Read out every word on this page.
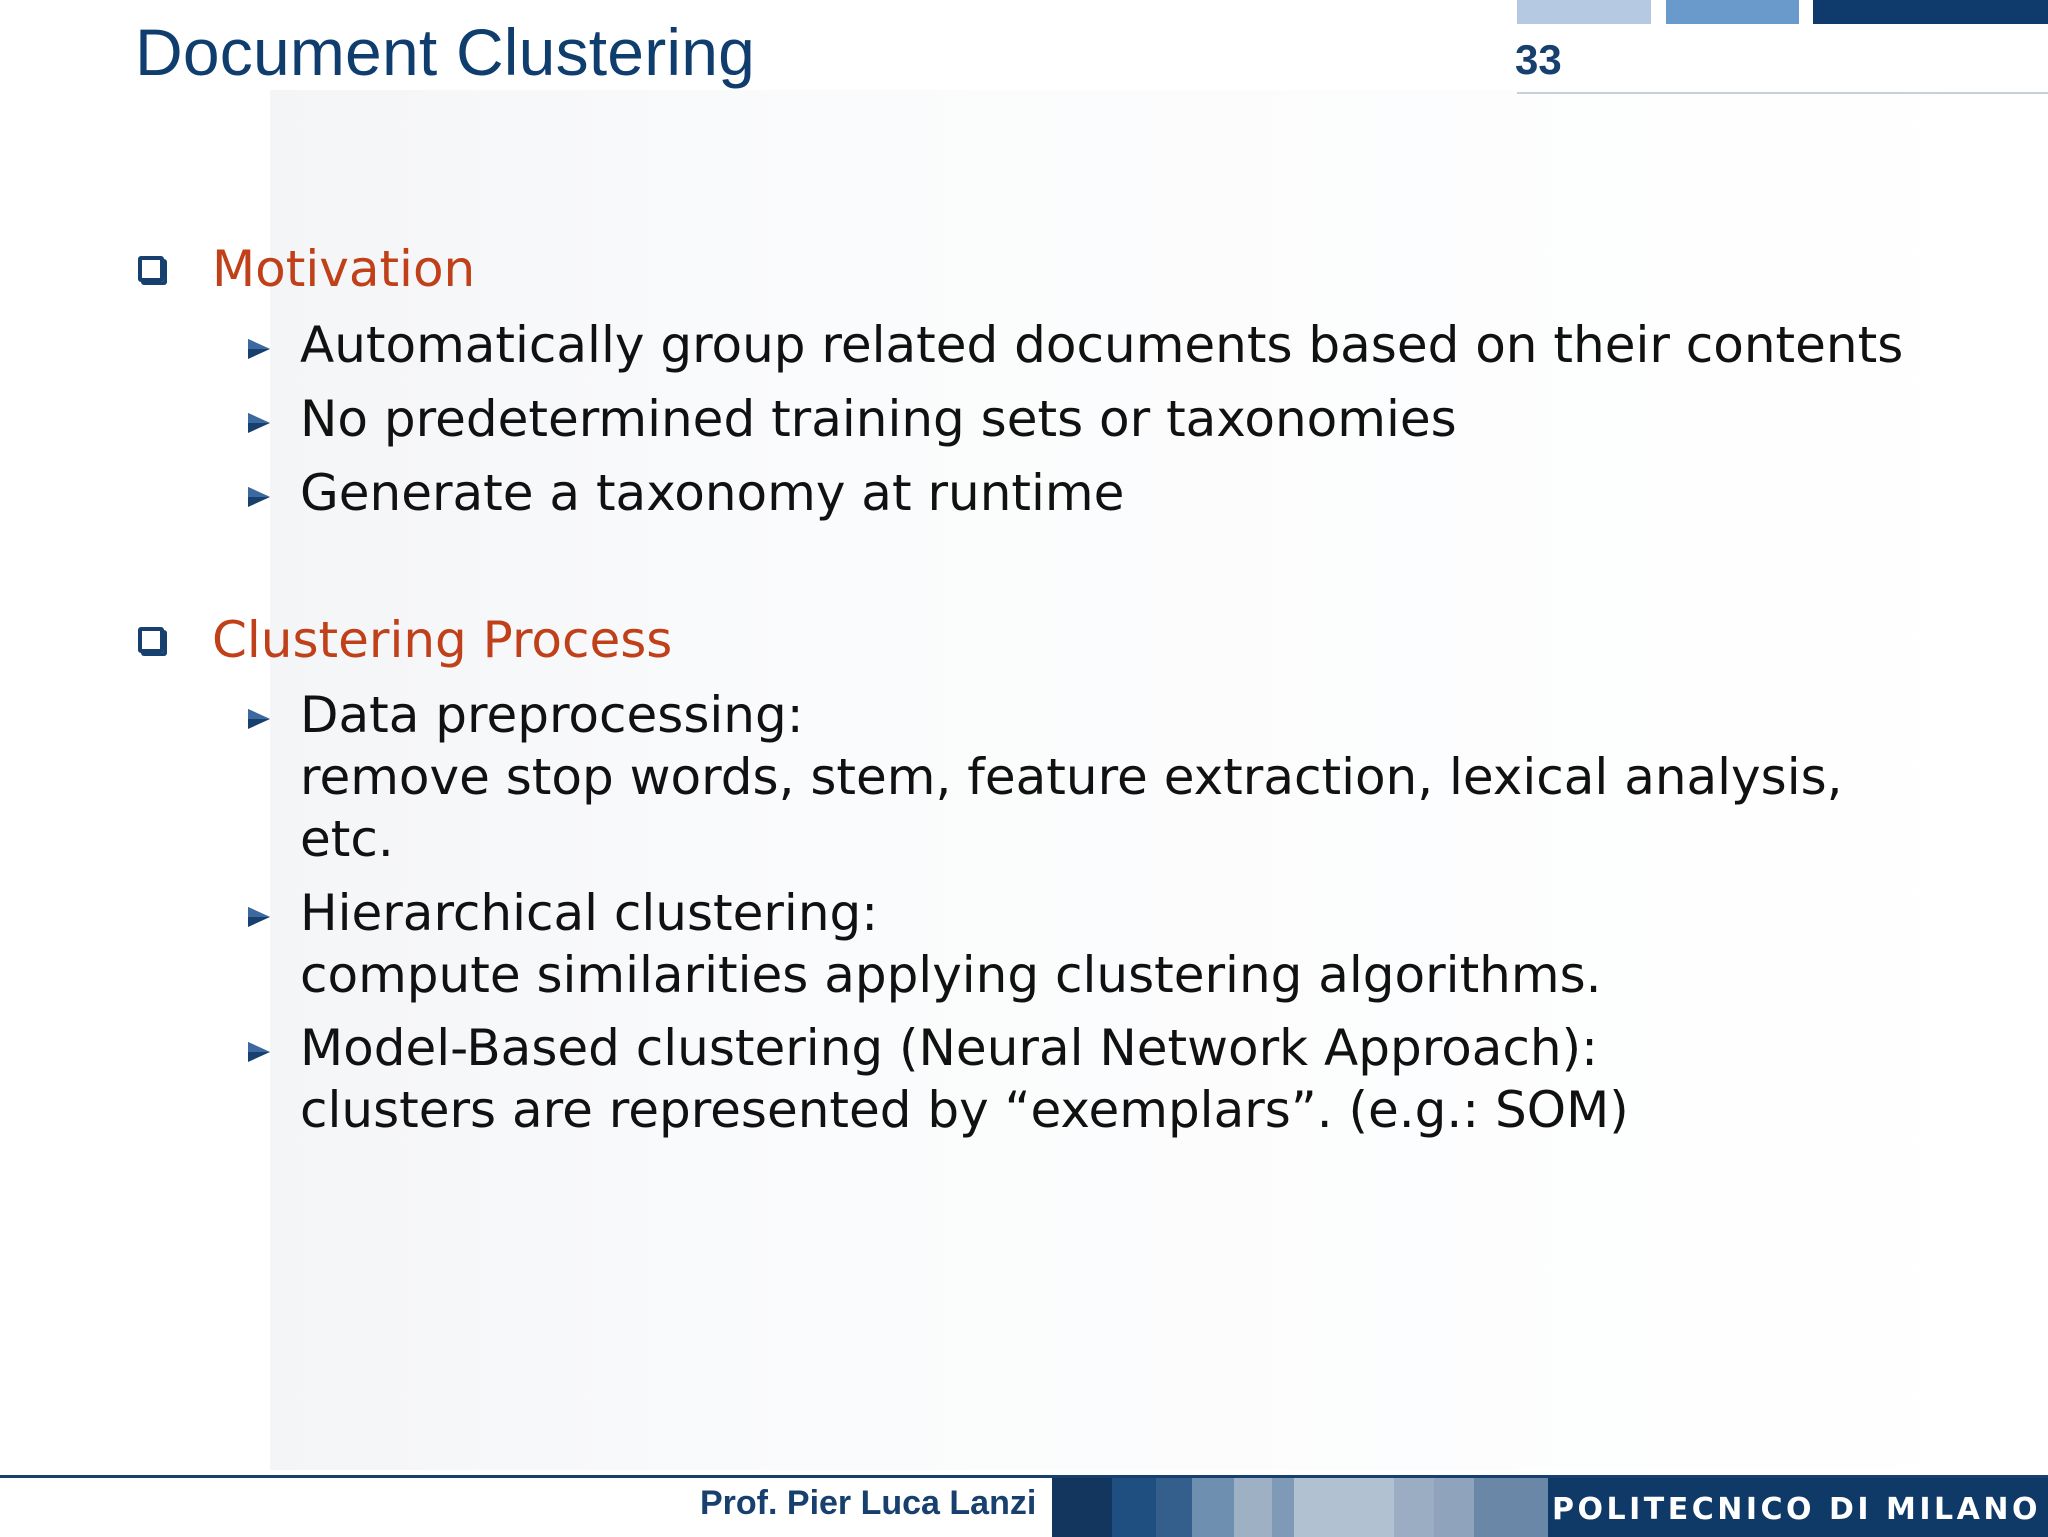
Document Clustering	33
Motivation
Automatically group related documents based on their contents
No predetermined training sets or taxonomies
Generate a taxonomy at runtime
Clustering Process
Data preprocessing:
remove stop words, stem, feature extraction, lexical analysis,
etc.
Hierarchical clustering:
compute similarities applying clustering algorithms.
Model-Based clustering (Neural Network Approach):
clusters are represented by “exemplars”. (e.g.: SOM)
Prof. Pier Luca Lanzi	POLITECNICO DI MILANO
